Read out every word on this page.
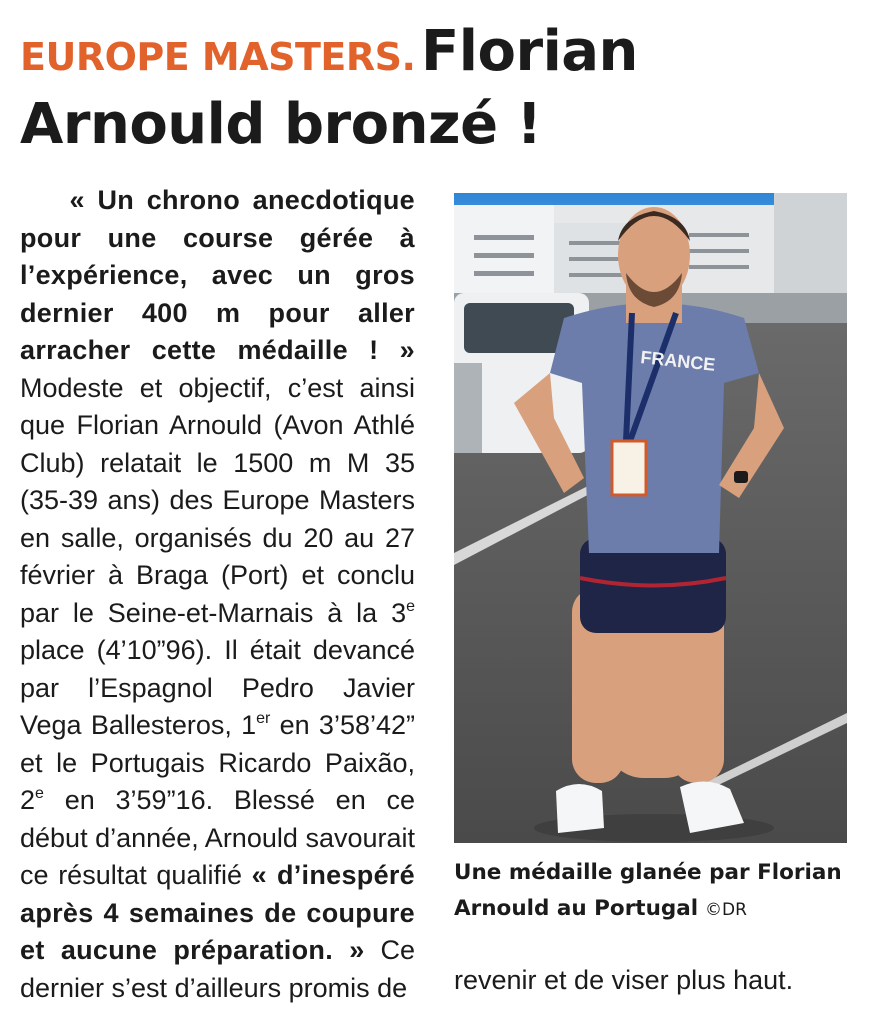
EUROPE MASTERS. Florian Arnould bronzé !

« Un chrono anecdotique pour une course gérée à l’expérience, avec un gros dernier 400 m pour aller arracher cette médaille ! » Modeste et objectif, c’est ainsi que Florian Arnould (Avon Athlé Club) relatait le 1500 m M 35 (35-39 ans) des Europe Masters en salle, organisés du 20 au 27 février à Braga (Port) et conclu par le Seine-et-Marnais à la 3e place (4’10”96). Il était devancé par l’Espagnol Pedro Javier Vega Ballesteros, 1er en 3’58’42” et le Portugais Ricardo Paixão, 2e en 3’59”16. Blessé en ce début d’année, Arnould savourait ce résultat qualifié « d’inespéré après 4 semaines de coupure et aucune préparation. » Ce dernier s’est d’ailleurs promis de

FRANCE
Une médaille glanée par Florian Arnould au Portugal ©DR
revenir et de viser plus haut.
